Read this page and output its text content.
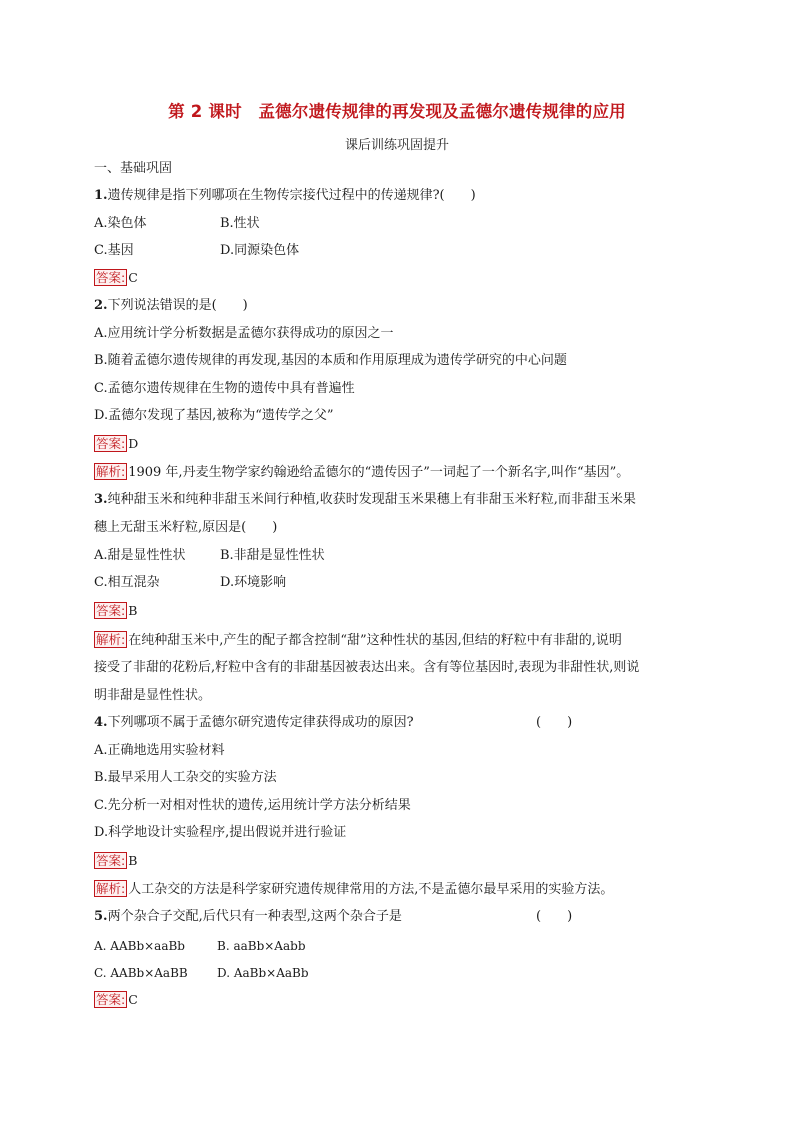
第 2 课时　孟德尔遗传规律的再发现及孟德尔遗传规律的应用
课后训练巩固提升
一、基础巩固
1.遗传规律是指下列哪项在生物传宗接代过程中的传递规律?(　　)
A.染色体	B.性状
C.基因	D.同源染色体
答案: C
2.下列说法错误的是(　　)
A.应用统计学分析数据是孟德尔获得成功的原因之一
B.随着孟德尔遗传规律的再发现,基因的本质和作用原理成为遗传学研究的中心问题
C.孟德尔遗传规律在生物的遗传中具有普遍性
D.孟德尔发现了基因,被称为“遗传学之父”
答案: D
解析: 1909 年,丹麦生物学家约翰逊给孟德尔的“遗传因子”一词起了一个新名字,叫作“基因”。
3.纯种甜玉米和纯种非甜玉米间行种植,收获时发现甜玉米果穗上有非甜玉米籽粒,而非甜玉米果
穗上无甜玉米籽粒,原因是(　　)
A.甜是显性性状	B.非甜是显性性状
C.相互混杂	D.环境影响
答案: B
解析: 在纯种甜玉米中,产生的配子都含控制“甜”这种性状的基因,但结的籽粒中有非甜的,说明
接受了非甜的花粉后,籽粒中含有的非甜基因被表达出来。含有等位基因时,表现为非甜性状,则说
明非甜是显性性状。
4.下列哪项不属于孟德尔研究遗传定律获得成功的原因?	(　　)
A.正确地选用实验材料
B.最早采用人工杂交的实验方法
C.先分析一对相对性状的遗传,运用统计学方法分析结果
D.科学地设计实验程序,提出假说并进行验证
答案: B
解析: 人工杂交的方法是科学家研究遗传规律常用的方法,不是孟德尔最早采用的实验方法。
5.两个杂合子交配,后代只有一种表型,这两个杂合子是	(　　)
A. AABb×aaBb	B. aaBb×Aabb
C. AABb×AaBB D. AaBb×AaBb
答案: C
